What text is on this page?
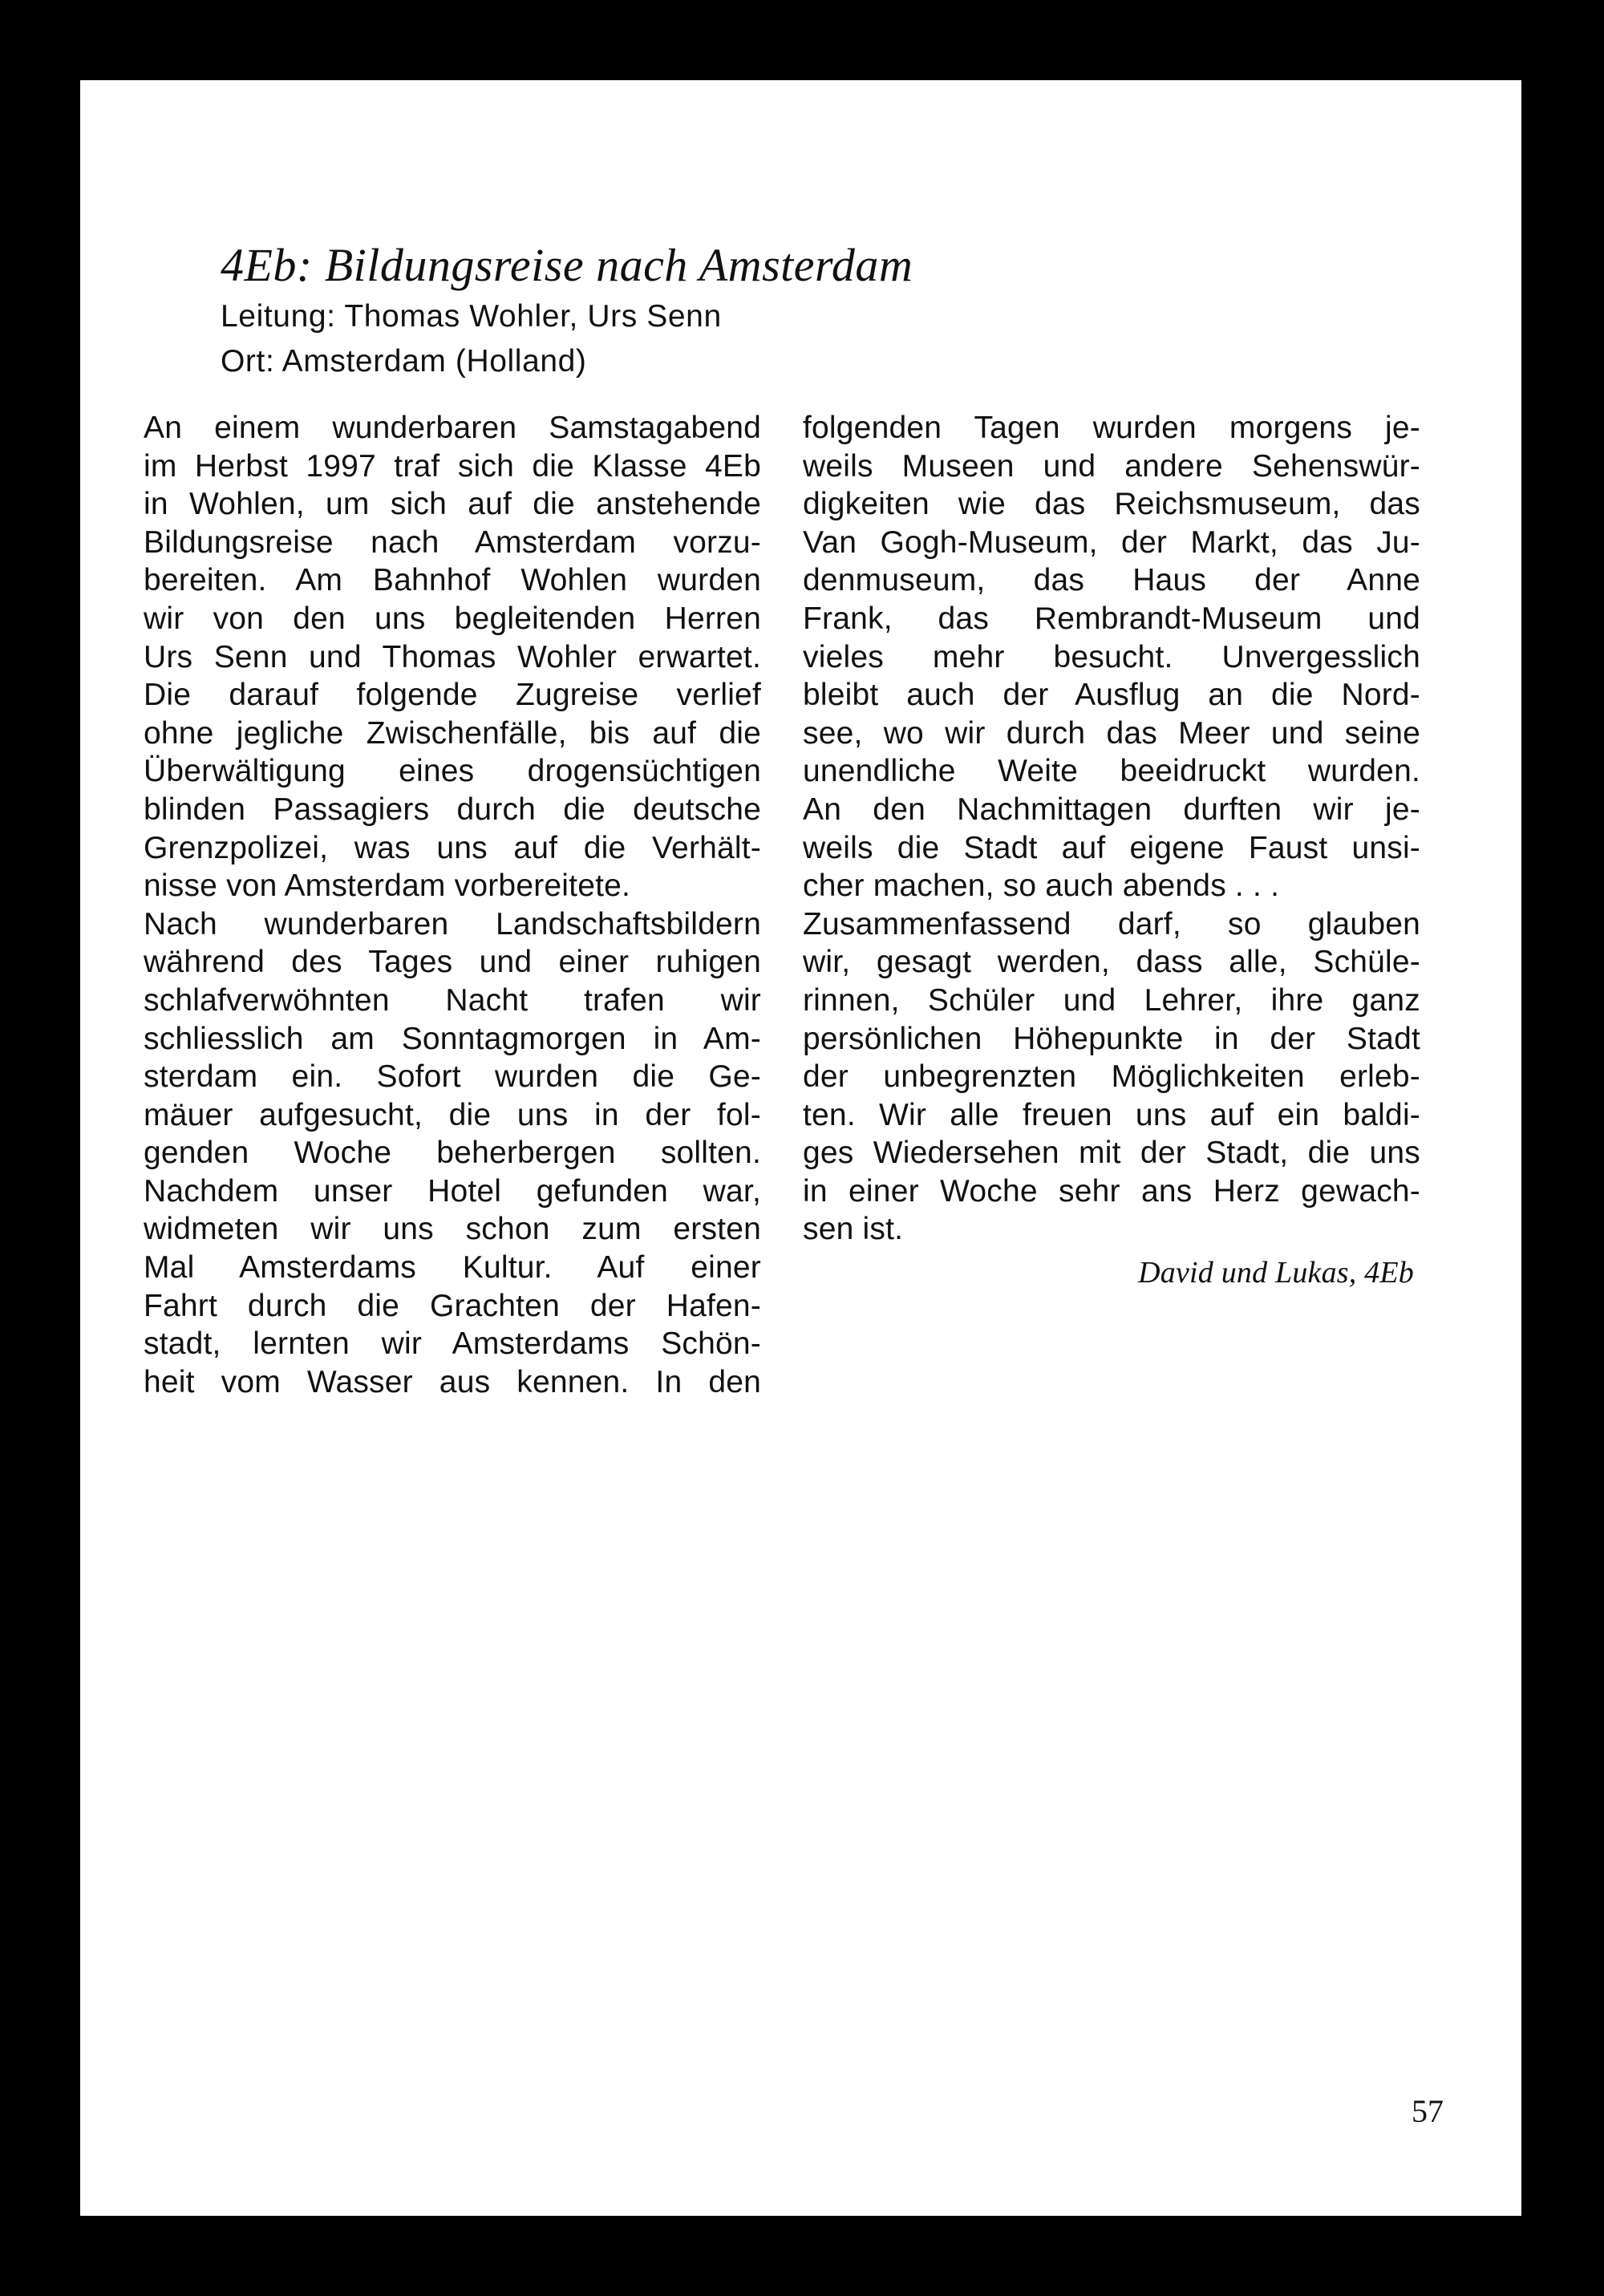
4Eb: Bildungsreise nach Amsterdam
Leitung: Thomas Wohler, Urs Senn
Ort: Amsterdam (Holland)
An einem wunderbaren Samstagabend
im Herbst 1997 traf sich die Klasse 4Eb
in Wohlen, um sich auf die anstehende
Bildungsreise nach Amsterdam vorzu-
bereiten. Am Bahnhof Wohlen wurden
wir von den uns begleitenden Herren
Urs Senn und Thomas Wohler erwartet.
Die darauf folgende Zugreise verlief
ohne jegliche Zwischenfälle, bis auf die
Überwältigung eines drogensüchtigen
blinden Passagiers durch die deutsche
Grenzpolizei, was uns auf die Verhält-
nisse von Amsterdam vorbereitete.
Nach wunderbaren Landschaftsbildern
während des Tages und einer ruhigen
schlafverwöhnten Nacht trafen wir
schliesslich am Sonntagmorgen in Am-
sterdam ein. Sofort wurden die Ge-
mäuer aufgesucht, die uns in der fol-
genden Woche beherbergen sollten.
Nachdem unser Hotel gefunden war,
widmeten wir uns schon zum ersten
Mal Amsterdams Kultur. Auf einer
Fahrt durch die Grachten der Hafen-
stadt, lernten wir Amsterdams Schön-
heit vom Wasser aus kennen. In den
folgenden Tagen wurden morgens je-
weils Museen und andere Sehenswür-
digkeiten wie das Reichsmuseum, das
Van Gogh-Museum, der Markt, das Ju-
denmuseum, das Haus der Anne
Frank, das Rembrandt-Museum und
vieles mehr besucht. Unvergesslich
bleibt auch der Ausflug an die Nord-
see, wo wir durch das Meer und seine
unendliche Weite beeidruckt wurden.
An den Nachmittagen durften wir je-
weils die Stadt auf eigene Faust unsi-
cher machen, so auch abends . . .
Zusammenfassend darf, so glauben
wir, gesagt werden, dass alle, Schüle-
rinnen, Schüler und Lehrer, ihre ganz
persönlichen Höhepunkte in der Stadt
der unbegrenzten Möglichkeiten erleb-
ten. Wir alle freuen uns auf ein baldi-
ges Wiedersehen mit der Stadt, die uns
in einer Woche sehr ans Herz gewach-
sen ist.
David und Lukas, 4Eb
57
